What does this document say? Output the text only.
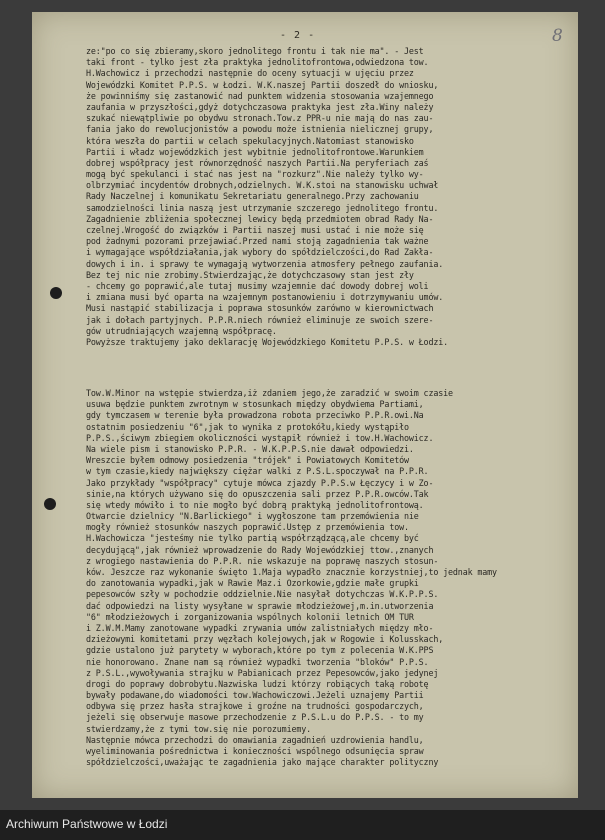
- 2 -	8
ze:"po co się zbieramy,skoro jednolitego frontu i tak nie ma". - Jest
taki front - tylko jest zła praktyka jednolitofrontowa,odwiedzona tow.
H.Wachowicz i przechodzi następnie do oceny sytuacji w ujęciu przez
Wojewódzki Komitet P.P.S. w Łodzi. W.K.naszej Partii doszedł do wniosku,
że powinniśmy się zastanowić nad punktem widzenia stosowania wzajemnego
zaufania w przyszłości,gdyż dotychczasowa praktyka jest zła.Winy należy
szukać niewątpliwie po obydwu stronach.Tow.z PPR-u nie mają do nas zau-
fania jako do rewolucjonistów a powodu może istnienia nielicznej grupy,
która weszła do partii w celach spekulacyjnych.Natomiast stanowisko
Partii i władz wojewódzkich jest wybitnie jednolitofrontowe.Warunkiem
dobrej współpracy jest równorzędność naszych Partii.Na peryferiach zaś
mogą być spekulanci i stać nas jest na "rozkurz".Nie należy tylko wy-
olbrzymiać incydentów drobnych,odzielnych. W.K.stoi na stanowisku uchwał
Rady Naczelnej i komunikatu Sekretariatu generalnego.Przy zachowaniu
samodzielności linia naszą jest utrzymanie szczerego jednolitego frontu.
Zagadnienie zbliżenia społecznej lewicy będą przedmiotem obrad Rady Na-
czelnej.Wrogość do związków i Partii naszej musi ustać i nie może się
pod żadnymi pozorami przejawiać.Przed nami stoją zagadnienia tak ważne
i wymagające współdziałania,jak wybory do spółdzielczości,do Rad Zakła-
dowych i in. i sprawy te wymagają wytworzenia atmosfery pełnego zaufania.
Bez tej nic nie zrobimy.Stwierdzając,że dotychczasowy stan jest zły
- chcemy go poprawić,ale tutaj musimy wzajemnie dać dowody dobrej woli
i zmiana musi być oparta na wzajemnym postanowieniu i dotrzymywaniu umów.
Musi nastąpić stabilizacja i poprawa stosunków zarówno w kierownictwach
jak i dołach partyjnych. P.P.R.niech również eliminuje ze swoich szere-
gów utrudniających wzajemną współpracę.
Powyższe traktujemy jako deklarację Wojewódzkiego Komitetu P.P.S. w Łodzi.
Tow.W.Minor na wstępie stwierdza,iż zdaniem jego,że zaradzić w swoim czasie
usuwa będzie punktem zwrotnym w stosunkach między obydwiema Partiami,
gdy tymczasem w terenie była prowadzona robota przeciwko P.P.R.owi.Na
ostatnim posiedzeniu "6",jak to wynika z protokółu,kiedy wystąpiło
P.P.S.,ściwym zbiegiem okoliczności wystąpił również i tow.H.Wachowicz.
Na wiele pism i stanowisko P.P.R. - W.K.P.P.S.nie dawał odpowiedzi.
Wreszcie byłem odmowy posiedzenia "trójek" i Powiatowych Komitetów
w tym czasie,kiedy największy ciężar walki z P.S.L.spoczywał na P.P.R.
Jako przykłady "współpracy" cytuje mówca zjazdy P.P.S.w Łęczycy i w Zo-
sinie,na których używano się do opuszczenia sali przez P.P.R.owców.Tak
się wtedy mówiło i to nie mogło być dobrą praktyką jednolitofrontową.
Otwarcie dzielnicy "N.Barlickiego" i wygłoszone tam przemówienia nie
mogły również stosunków naszych poprawić.Ustęp z przemówienia tow.
H.Wachowicza "jesteśmy nie tylko partią współrządzącą,ale chcemy być
decydującą",jak również wprowadzenie do Rady Wojewódzkiej ttow.,znanych
z wrogiego nastawienia do P.P.R. nie wskazuje na poprawę naszych stosun-
ków. Jeszcze raz wykonanie święto 1.Maja wypadło znacznie korzystniej,to jednak mamy
do zanotowania wypadki,jak w Rawie Maz.i Ozorkowie,gdzie małe grupki
pepesowców szły w pochodzie oddzielnie.Nie nasyłał dotychczas W.K.P.P.S.
dać odpowiedzi na listy wysyłane w sprawie młodzieżowej,m.in.utworzenia
"6" młodzieżowych i zorganizowania wspólnych kolonii letnich OM TUR
i Z.W.M.Mamy zanotowane wypadki zrywania umów zalistniałych między mło-
dzieżowymi komitetami przy węzłach kolejowych,jak w Rogowie i Kolusskach,
gdzie ustalono już parytety w wyborach,które po tym z polecenia W.K.PPS
nie honorowano. Znane nam są również wypadki tworzenia "bloków" P.P.S.
z P.S.L.,wywoływania strajku w Pabianicach przez Pepesowców,jako jedynej
drogi do poprawy dobrobytu.Nazwiska ludzi którzy robiących taką robotę
bywały podawane,do wiadomości tow.Wachowiczowi.Jeżeli uznajemy Partii
odbywa się przez hasła strajkowe i groźne na trudności gospodarczych,
jeżeli się obserwuje masowe przechodzenie z P.S.L.u do P.P.S. - to my
stwierdzamy,że z tymi tow.się nie porozumiemy.
Następnie mówca przechodzi do omawiania zagadnień uzdrowienia handlu,
wyeliminowania pośrednictwa i konieczności wspólnego odsunięcia spraw
spółdzielczości,uważając te zagadnienia jako mające charakter polityczny
Archiwum Państwowe w Łodzi
